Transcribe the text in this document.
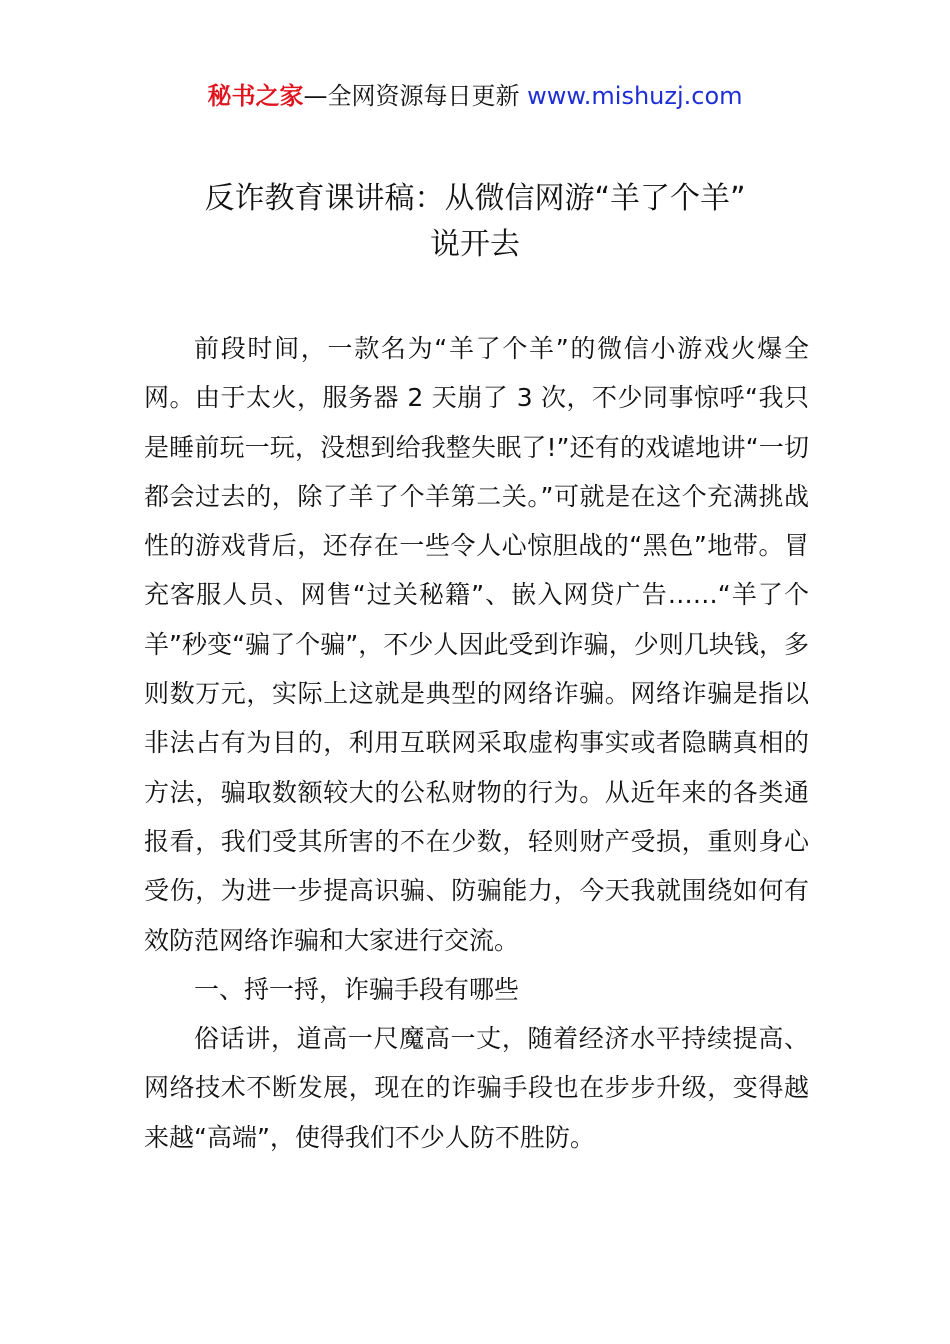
秘书之家—全网资源每日更新 www.mishuzj.com
反诈教育课讲稿：从微信网游“羊了个羊”
说开去

前段时间，一款名为“羊了个羊”的微信小游戏火爆全网。由于太火，服务器 2 天崩了 3 次，不少同事惊呼“我只是睡前玩一玩，没想到给我整失眠了!”还有的戏谑地讲“一切都会过去的，除了羊了个羊第二关。”可就是在这个充满挑战性的游戏背后，还存在一些令人心惊胆战的“黑色”地带。冒充客服人员、网售“过关秘籍”、嵌入网贷广告……“羊了个羊”秒变“骗了个骗”，不少人因此受到诈骗，少则几块钱，多则数万元，实际上这就是典型的网络诈骗。网络诈骗是指以非法占有为目的，利用互联网采取虚构事实或者隐瞒真相的方法，骗取数额较大的公私财物的行为。从近年来的各类通报看，我们受其所害的不在少数，轻则财产受损，重则身心受伤，为进一步提高识骗、防骗能力，今天我就围绕如何有效防范网络诈骗和大家进行交流。

一、捋一捋，诈骗手段有哪些

俗话讲，道高一尺魔高一丈，随着经济水平持续提高、网络技术不断发展，现在的诈骗手段也在步步升级，变得越来越“高端”，使得我们不少人防不胜防。
